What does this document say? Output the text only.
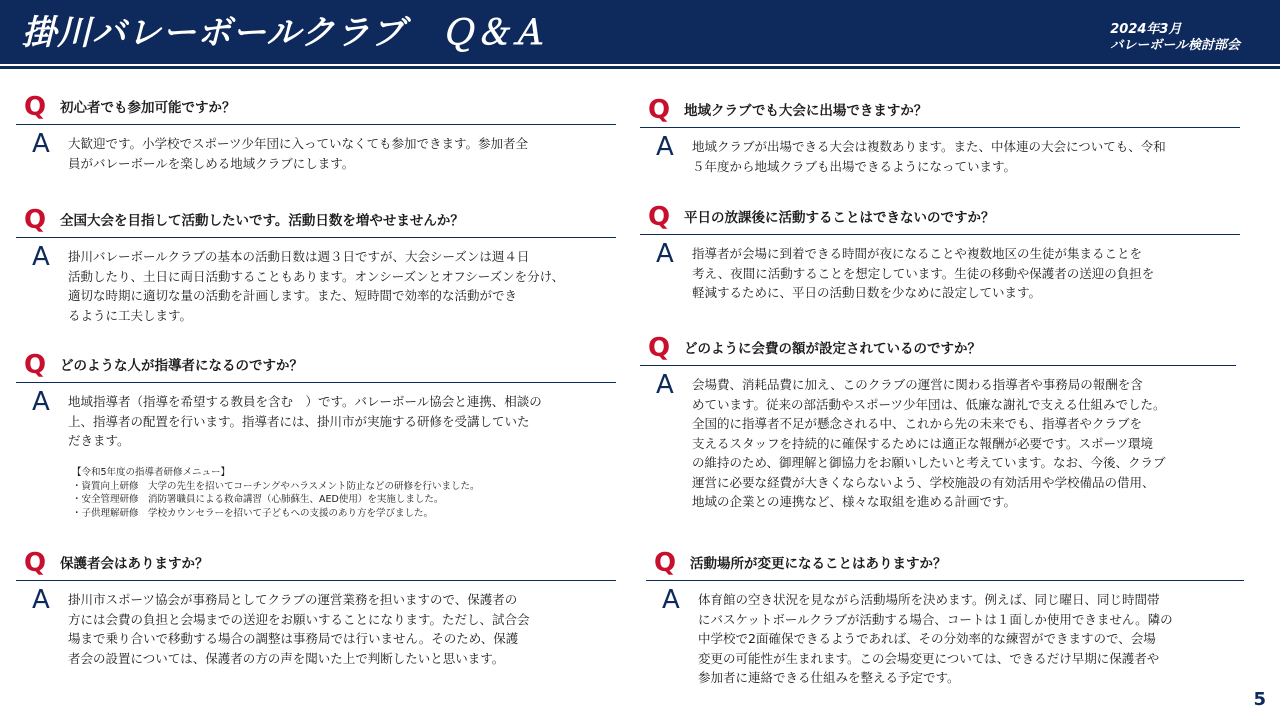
掛川バレーボールクラブ　Ｑ＆Ａ	2024年3月
バレーボール検討部会
Q 初心者でも参加可能ですか？
A 大歓迎です。小学校でスポーツ少年団に入っていなくても参加できます。参加者全
員がバレーボールを楽しめる地域クラブにします。
Q 全国大会を目指して活動したいです。活動日数を増やせませんか？
A 掛川バレーボールクラブの基本の活動日数は週３日ですが、大会シーズンは週４日
活動したり、土日に両日活動することもあります。オンシーズンとオフシーズンを分け、
適切な時期に適切な量の活動を計画します。また、短時間で効率的な活動ができ
るように工夫します。
Q どのような人が指導者になるのですか？
A 地域指導者（指導を希望する教員を含む　）です。バレーボール協会と連携、相談の
上、指導者の配置を行います。指導者には、掛川市が実施する研修を受講していた
だきます。
【令和5年度の指導者研修メニュー】
・資質向上研修　大学の先生を招いてコーチングやハラスメント防止などの研修を行いました。
・安全管理研修　消防署職員による救命講習（心肺蘇生、AED使用）を実施しました。
・子供理解研修　学校カウンセラーを招いて子どもへの支援のあり方を学びました。
Q 保護者会はありますか？
A 掛川市スポーツ協会が事務局としてクラブの運営業務を担いますので、保護者の
方には会費の負担と会場までの送迎をお願いすることになります。ただし、試合会
場まで乗り合いで移動する場合の調整は事務局では行いません。そのため、保護
者会の設置については、保護者の方の声を聞いた上で判断したいと思います。
Q 地域クラブでも大会に出場できますか？
A 地域クラブが出場できる大会は複数あります。また、中体連の大会についても、令和
５年度から地域クラブも出場できるようになっています。
Q 平日の放課後に活動することはできないのですか？
A 指導者が会場に到着できる時間が夜になることや複数地区の生徒が集まることを
考え、夜間に活動することを想定しています。生徒の移動や保護者の送迎の負担を
軽減するために、平日の活動日数を少なめに設定しています。
Q どのように会費の額が設定されているのですか？
A 会場費、消耗品費に加え、このクラブの運営に関わる指導者や事務局の報酬を含
めています。従来の部活動やスポーツ少年団は、低廉な謝礼で支える仕組みでした。
全国的に指導者不足が懸念される中、これから先の未来でも、指導者やクラブを
支えるスタッフを持続的に確保するためには適正な報酬が必要です。スポーツ環境
の維持のため、御理解と御協力をお願いしたいと考えています。なお、今後、クラブ
運営に必要な経費が大きくならないよう、学校施設の有効活用や学校備品の借用、
地域の企業との連携など、様々な取組を進める計画です。
Q 活動場所が変更になることはありますか？
A 体育館の空き状況を見ながら活動場所を決めます。例えば、同じ曜日、同じ時間帯
にバスケットボールクラブが活動する場合、コートは１面しか使用できません。隣の
中学校で2面確保できるようであれば、その分効率的な練習ができますので、会場
変更の可能性が生まれます。この会場変更については、できるだけ早期に保護者や
参加者に連絡できる仕組みを整える予定です。
5
